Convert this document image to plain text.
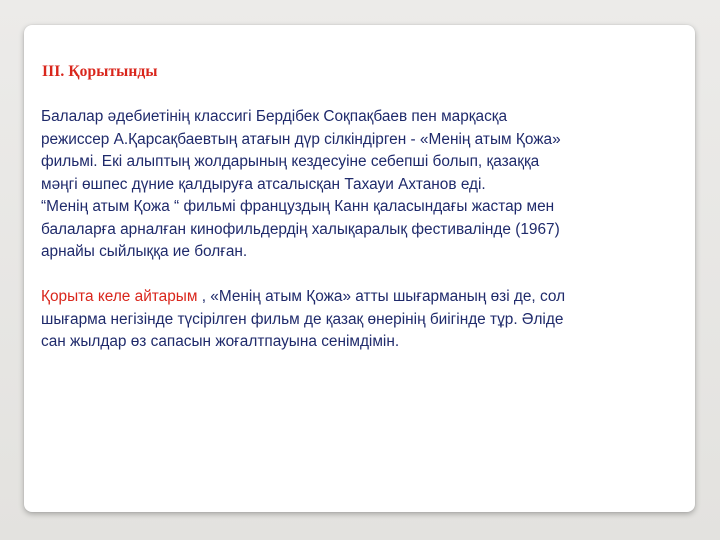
ІІІ. Қорытынды

Балалар әдебиетінің классигі Бердібек Соқпақбаев пен марқасқа

режиссер А.Қарсақбаевтың атағын дүр сілкіндірген - «Менің атым Қожа»

фильмі. Екі алыптың жолдарының кездесуіне себепші болып, қазаққа

мәңгі өшпес дүние қалдыруға атсалысқан Тахауи Ахтанов еді.

“Менің атым Қожа “ фильмі француздың Канн қаласындағы жастар мен

балаларға арналған кинофильдердің халықаралық фестивалінде (1967)

арнайы сыйлыққа ие болған.

Қорыта келе айтарым , «Менің атым Қожа» атты шығарманың өзі де, сол

шығарма негізінде түсірілген фильм де қазақ өнерінің биігінде тұр. Әліде

сан жылдар өз сапасын жоғалтпауына сенімдімін.
